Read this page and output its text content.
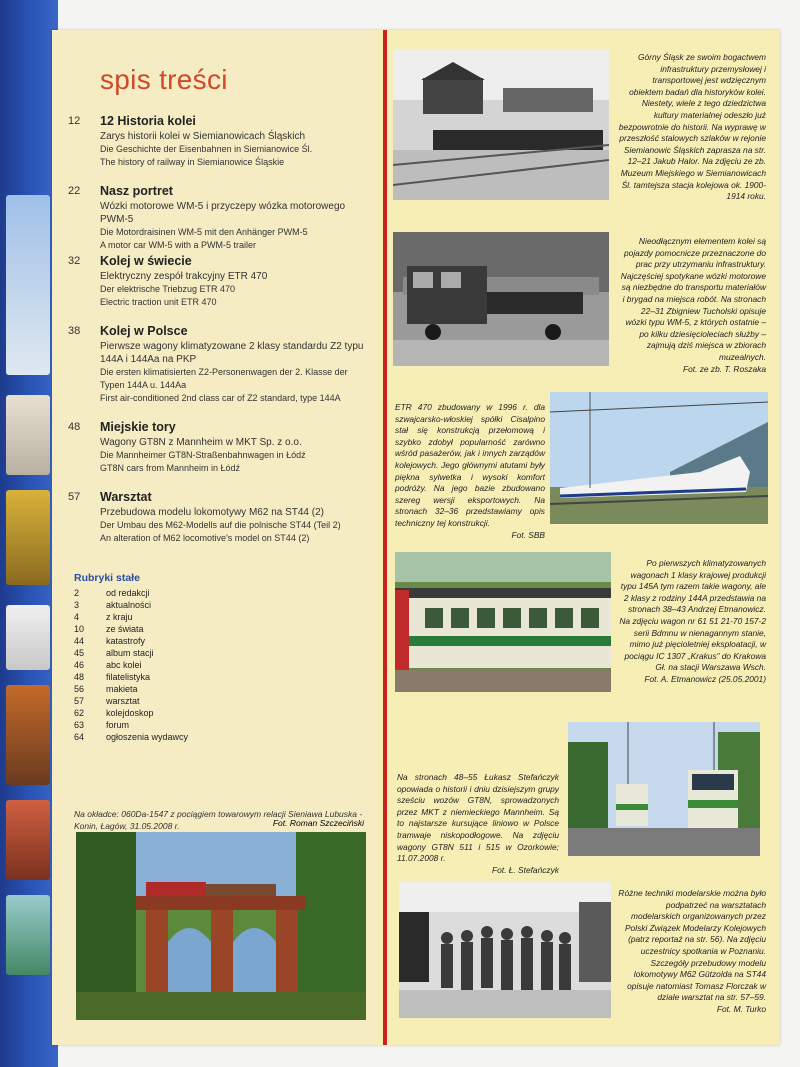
spis treści
12 12 Historia kolei
Zarys historii kolei w Siemianowicach Śląskich
Die Geschichte der Eisenbahnen in Siemianowice Śl.
The history of railway in Siemianowice Śląskie
22 Nasz portret
Wózki motorowe WM-5 i przyczepy wózka motorowego PWM-5
Die Motordraisinen WM-5 mit den Anhänger PWM-5
A motor car WM-5 with a PWM-5 trailer
32 Kolej w świecie
Elektryczny zespół trakcyjny ETR 470
Der elektrische Triebzug ETR 470
Electric traction unit ETR 470
38 Kolej w Polsce
Pierwsze wagony klimatyzowane 2 klasy standardu Z2 typu 144A i 144Aa na PKP
Die ersten klimatisierten Z2-Personenwagen der 2. Klasse der Typen 144A u. 144Aa
First air-conditioned 2nd class car of Z2 standard, type 144A
48 Miejskie tory
Wagony GT8N z Mannheim w MKT Sp. z o.o.
Die Mannheimer GT8N-Straßenbahnwagen in Łódź
GT8N cars from Mannheim in Łódź
57 Warsztat
Przebudowa modelu lokomotywy M62 na ST44 (2)
Der Umbau des M62-Modells auf die polnische ST44 (Teil 2)
An alteration of M62 locomotive's model on ST44 (2)
Rubryki stałe
2	od redakcji
3	aktualności
4	z kraju
10 ze świata
44 katastrofy
45 album stacji
46 abc kolei
48 filatelistyka
56 makieta
57 warsztat
62 kolejdoskop
63 forum
64 ogłoszenia wydawcy
Na okładce: 060Da-1547 z pociągiem towarowym relacji Sieniawa Lubuska - Konin, Łagów, 31.05.2008 r.	Fot. Roman Szczeciński
Górny Śląsk ze swoim bogactwem infrastruktury przemysłowej i transportowej jest wdzięcznym obiektem badań dla historyków kolei. Niestety, wiele z tego dziedzictwa kultury materialnej odeszło już bezpowrotnie do historii. Na wyprawę w przeszłość stalowych szlaków w rejonie Siemianowic Śląskich zaprasza na str. 12–21 Jakub Halor. Na zdjęciu ze zb. Muzeum Miejskiego w Siemianowicach Śl. tamtejsza stacja kolejowa ok. 1900-1914 roku.
Nieodłącznym elementem kolei są pojazdy pomocnicze przeznaczone do prac przy utrzymaniu infrastruktury. Najczęściej spotykane wózki motorowe są niezbędne do transportu materiałów i brygad na miejsca robót. Na stronach 22–31 Zbigniew Tucholski opisuje wózki typu WM-5, z których ostatnie – po kilku dziesięcioleciach służby – zajmują dziś miejsca w zbiorach muzealnych.
Fot. ze zb. T. Roszaka
ETR 470 zbudowany w 1996 r. dla szwajcarsko-włoskiej spółki Cisalpino stał się konstrukcją przełomową i szybko zdobył popularność zarówno wśród pasażerów, jak i innych zarządów kolejowych. Jego głównymi atutami były piękna sylwetka i wysoki komfort podróży. Na jego bazie zbudowano szereg wersji eksportowych. Na stronach 32–36 przedstawiamy opis techniczny tej konstrukcji.
Fot. SBB
Po pierwszych klimatyzowanych wagonach 1 klasy krajowej produkcji typu 145A tym razem takie wagony, ale 2 klasy z rodziny 144A przedstawia na stronach 38–43 Andrzej Etmanowicz. Na zdjęciu wagon nr 61 51 21-70 157-2 serii Bdmnu w nienagannym stanie, mimo już pięcioletniej eksploatacji, w pociągu IC 1307 „Krakus” do Krakowa Gł. na stacji Warszawa Wsch.
Fot. A. Etmanowicz (25.05.2001)
Na stronach 48–55 Łukasz Stefańczyk opowiada o historii i dniu dzisiejszym grupy sześciu wozów GT8N, sprowadzonych przez MKT z niemieckiego Mannheim. Są to najstarsze kursujące liniowo w Polsce tramwaje niskopodłogowe. Na zdjęciu wagony GT8N 511 i 515 w Ozorkowie; 11.07.2008 r.
Fot. Ł. Stefańczyk
Różne techniki modelarskie można było podpatrzeć na warsztatach modelarskich organizowanych przez Polski Związek Modelarzy Kolejowych (patrz reportaż na str. 56). Na zdjęciu uczestnicy spotkania w Poznaniu. Szczegóły przebudowy modelu lokomotywy M62 Gützolda na ST44 opisuje natomiast Tomasz Florczak w dziale warsztat na str. 57–59.
Fot. M. Turko
